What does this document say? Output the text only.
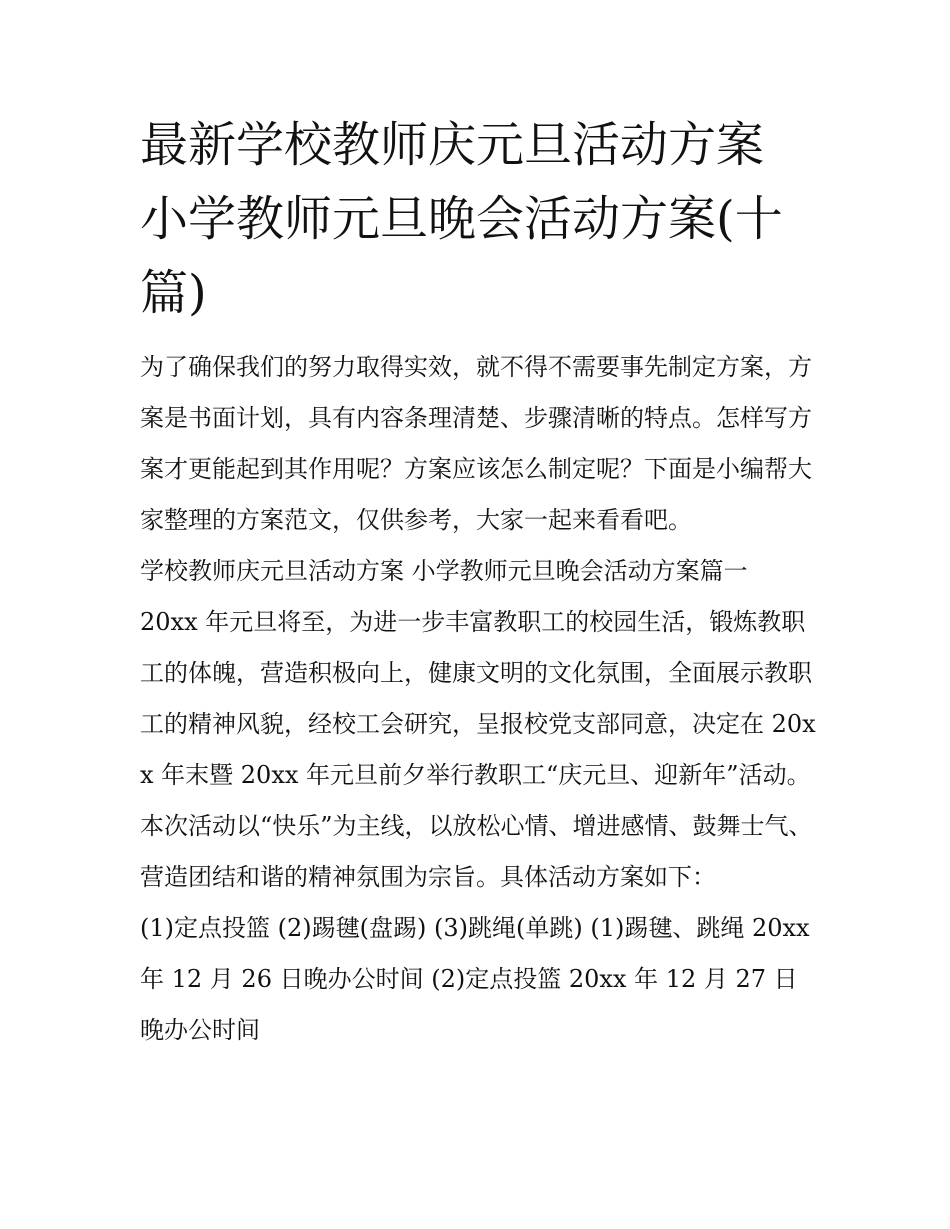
最新学校教师庆元旦活动方案 小学教师元旦晚会活动方案(十篇)

为了确保我们的努力取得实效，就不得不需要事先制定方案，方案是书面计划，具有内容条理清楚、步骤清晰的特点。怎样写方案才更能起到其作用呢？方案应该怎么制定呢？下面是小编帮大家整理的方案范文，仅供参考，大家一起来看看吧。

学校教师庆元旦活动方案 小学教师元旦晚会活动方案篇一

20xx 年元旦将至，为进一步丰富教职工的校园生活，锻炼教职工的体魄，营造积极向上，健康文明的文化氛围，全面展示教职工的精神风貌，经校工会研究，呈报校党支部同意，决定在 20xx 年末暨 20xx 年元旦前夕举行教职工“庆元旦、迎新年”活动。本次活动以“快乐”为主线，以放松心情、增进感情、鼓舞士气、营造团结和谐的精神氛围为宗旨。具体活动方案如下：

(1)定点投篮 (2)踢毽(盘踢) (3)跳绳(单跳) (1)踢毽、跳绳 20xx 年 12 月 26 日晚办公时间 (2)定点投篮 20xx 年 12 月 27 日晚办公时间
